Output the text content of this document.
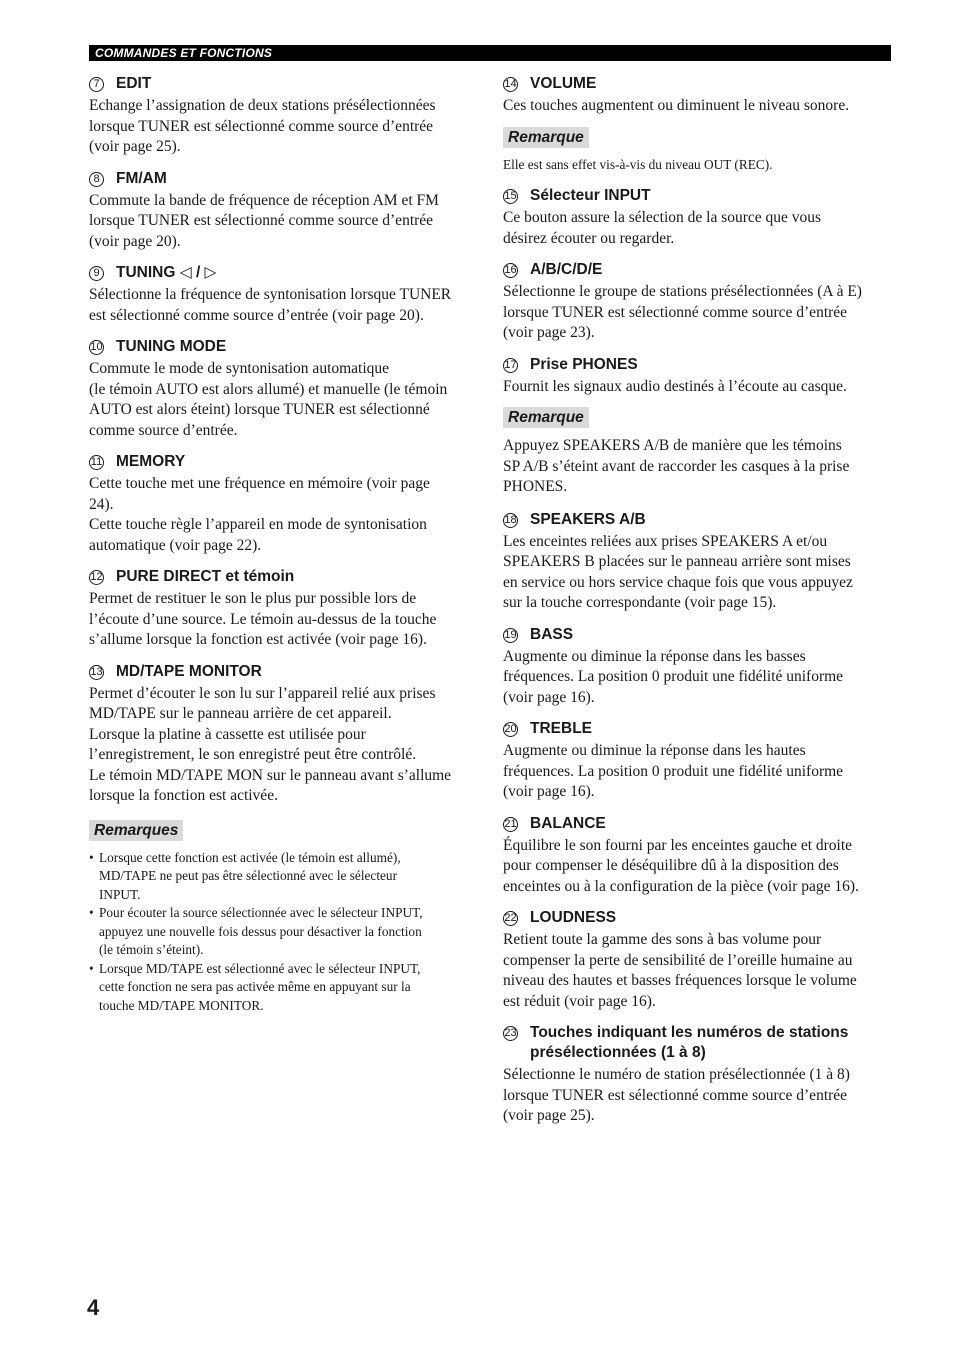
COMMANDES ET FONCTIONS
7 EDIT
Echange l’assignation de deux stations présélectionnées
lorsque TUNER est sélectionné comme source d’entrée
(voir page 25).
8 FM/AM
Commute la bande de fréquence de réception AM et FM
lorsque TUNER est sélectionné comme source d’entrée
(voir page 20).
9 TUNING ◁ / ▷
Sélectionne la fréquence de syntonisation lorsque TUNER
est sélectionné comme source d’entrée (voir page 20).
10 TUNING MODE
Commute le mode de syntonisation automatique
(le témoin AUTO est alors allumé) et manuelle (le témoin
AUTO est alors éteint) lorsque TUNER est sélectionné
comme source d’entrée.
11 MEMORY
Cette touche met une fréquence en mémoire (voir page
24).
Cette touche règle l’appareil en mode de syntonisation
automatique (voir page 22).
12 PURE DIRECT et témoin
Permet de restituer le son le plus pur possible lors de
l’écoute d’une source. Le témoin au-dessus de la touche
s’allume lorsque la fonction est activée (voir page 16).
13 MD/TAPE MONITOR
Permet d’écouter le son lu sur l’appareil relié aux prises
MD/TAPE sur le panneau arrière de cet appareil.
Lorsque la platine à cassette est utilisée pour
l’enregistrement, le son enregistré peut être contrôlé.
Le témoin MD/TAPE MON sur le panneau avant s’allume
lorsque la fonction est activée.
Remarques
• Lorsque cette fonction est activée (le témoin est allumé),
MD/TAPE ne peut pas être sélectionné avec le sélecteur
INPUT.
• Pour écouter la source sélectionnée avec le sélecteur INPUT,
appuyez une nouvelle fois dessus pour désactiver la fonction
(le témoin s’éteint).
• Lorsque MD/TAPE est sélectionné avec le sélecteur INPUT,
cette fonction ne sera pas activée même en appuyant sur la
touche MD/TAPE MONITOR.
14 VOLUME
Ces touches augmentent ou diminuent le niveau sonore.
Remarque
Elle est sans effet vis-à-vis du niveau OUT (REC).
15 Sélecteur INPUT
Ce bouton assure la sélection de la source que vous
désirez écouter ou regarder.
16 A/B/C/D/E
Sélectionne le groupe de stations présélectionnées (A à E)
lorsque TUNER est sélectionné comme source d’entrée
(voir page 23).
17 Prise PHONES
Fournit les signaux audio destinés à l’écoute au casque.
Remarque
Appuyez SPEAKERS A/B de manière que les témoins
SP A/B s’éteint avant de raccorder les casques à la prise
PHONES.
18 SPEAKERS A/B
Les enceintes reliées aux prises SPEAKERS A et/ou
SPEAKERS B placées sur le panneau arrière sont mises
en service ou hors service chaque fois que vous appuyez
sur la touche correspondante (voir page 15).
19 BASS
Augmente ou diminue la réponse dans les basses
fréquences. La position 0 produit une fidélité uniforme
(voir page 16).
20 TREBLE
Augmente ou diminue la réponse dans les hautes
fréquences. La position 0 produit une fidélité uniforme
(voir page 16).
21 BALANCE
Équilibre le son fourni par les enceintes gauche et droite
pour compenser le déséquilibre dû à la disposition des
enceintes ou à la configuration de la pièce (voir page 16).
22 LOUDNESS
Retient toute la gamme des sons à bas volume pour
compenser la perte de sensibilité de l’oreille humaine au
niveau des hautes et basses fréquences lorsque le volume
est réduit (voir page 16).
23 Touches indiquant les numéros de stations
présélectionnées (1 à 8)
Sélectionne le numéro de station présélectionnée (1 à 8)
lorsque TUNER est sélectionné comme source d’entrée
(voir page 25).
4
